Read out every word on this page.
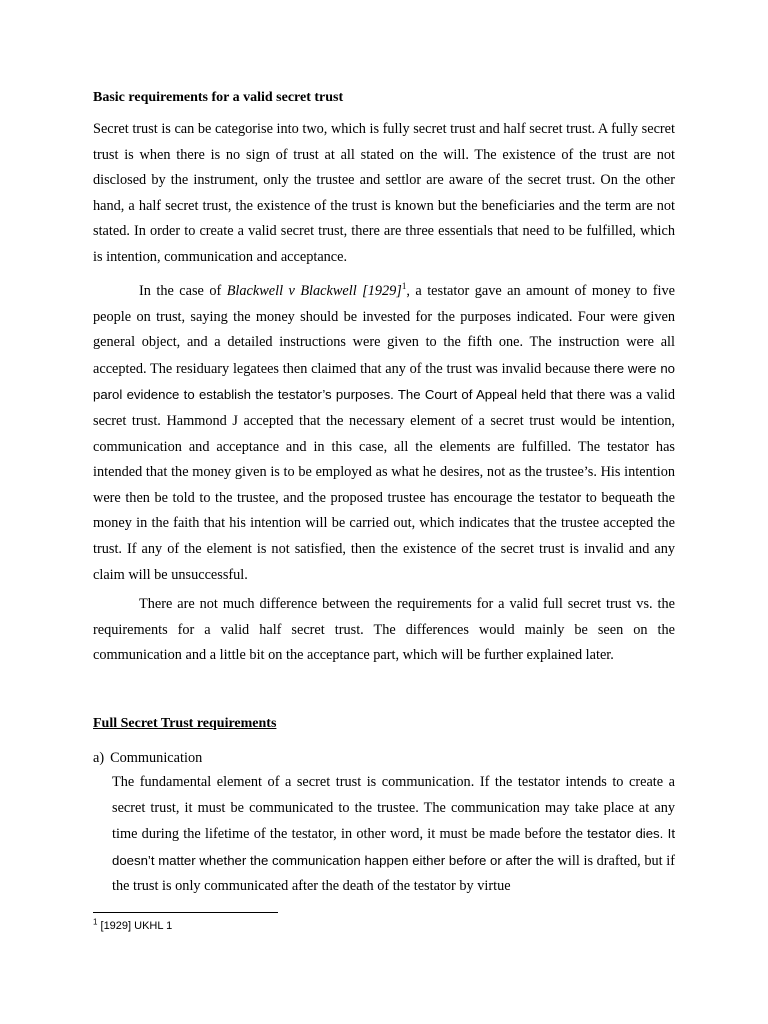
Basic requirements for a valid secret trust

Secret trust is can be categorise into two, which is fully secret trust and half secret trust. A fully secret trust is when there is no sign of trust at all stated on the will. The existence of the trust are not disclosed by the instrument, only the trustee and settlor are aware of the secret trust. On the other hand, a half secret trust, the existence of the trust is known but the beneficiaries and the term are not stated. In order to create a valid secret trust, there are three essentials that need to be fulfilled, which is intention, communication and acceptance.

In the case of Blackwell v Blackwell $[1929]^1$, a testator gave an amount of money to five people on trust, saying the money should be invested for the purposes indicated. Four were given general object, and a detailed instructions were given to the fifth one. The instruction were all accepted. The residuary legatees then claimed that any of the trust was invalid because there were no parol evidence to establish the testator’s purposes. The Court of Appeal held that there was a valid secret trust. Hammond J accepted that the necessary element of a secret trust would be intention, communication and acceptance and in this case, all the elements are fulfilled. The testator has intended that the money given is to be employed as what he desires, not as the trustee’s. His intention were then be told to the trustee, and the proposed trustee has encourage the testator to bequeath the money in the faith that his intention will be carried out, which indicates that the trustee accepted the trust. If any of the element is not satisfied, then the existence of the secret trust is invalid and any claim will be unsuccessful.

There are not much difference between the requirements for a valid full secret trust vs. the requirements for a valid half secret trust. The differences would mainly be seen on the communication and a little bit on the acceptance part, which will be further explained later.

Full Secret Trust requirements
a) Communication

The fundamental element of a secret trust is communication. If the testator intends to create a secret trust, it must be communicated to the trustee. The communication may take place at any time during the lifetime of the testator, in other word, it must be made before the testator dies. It doesn’t matter whether the communication happen either before or after the will is drafted, but if the trust is only communicated after the death of the testator by virtue

$^1$ [1929] UKHL 1
